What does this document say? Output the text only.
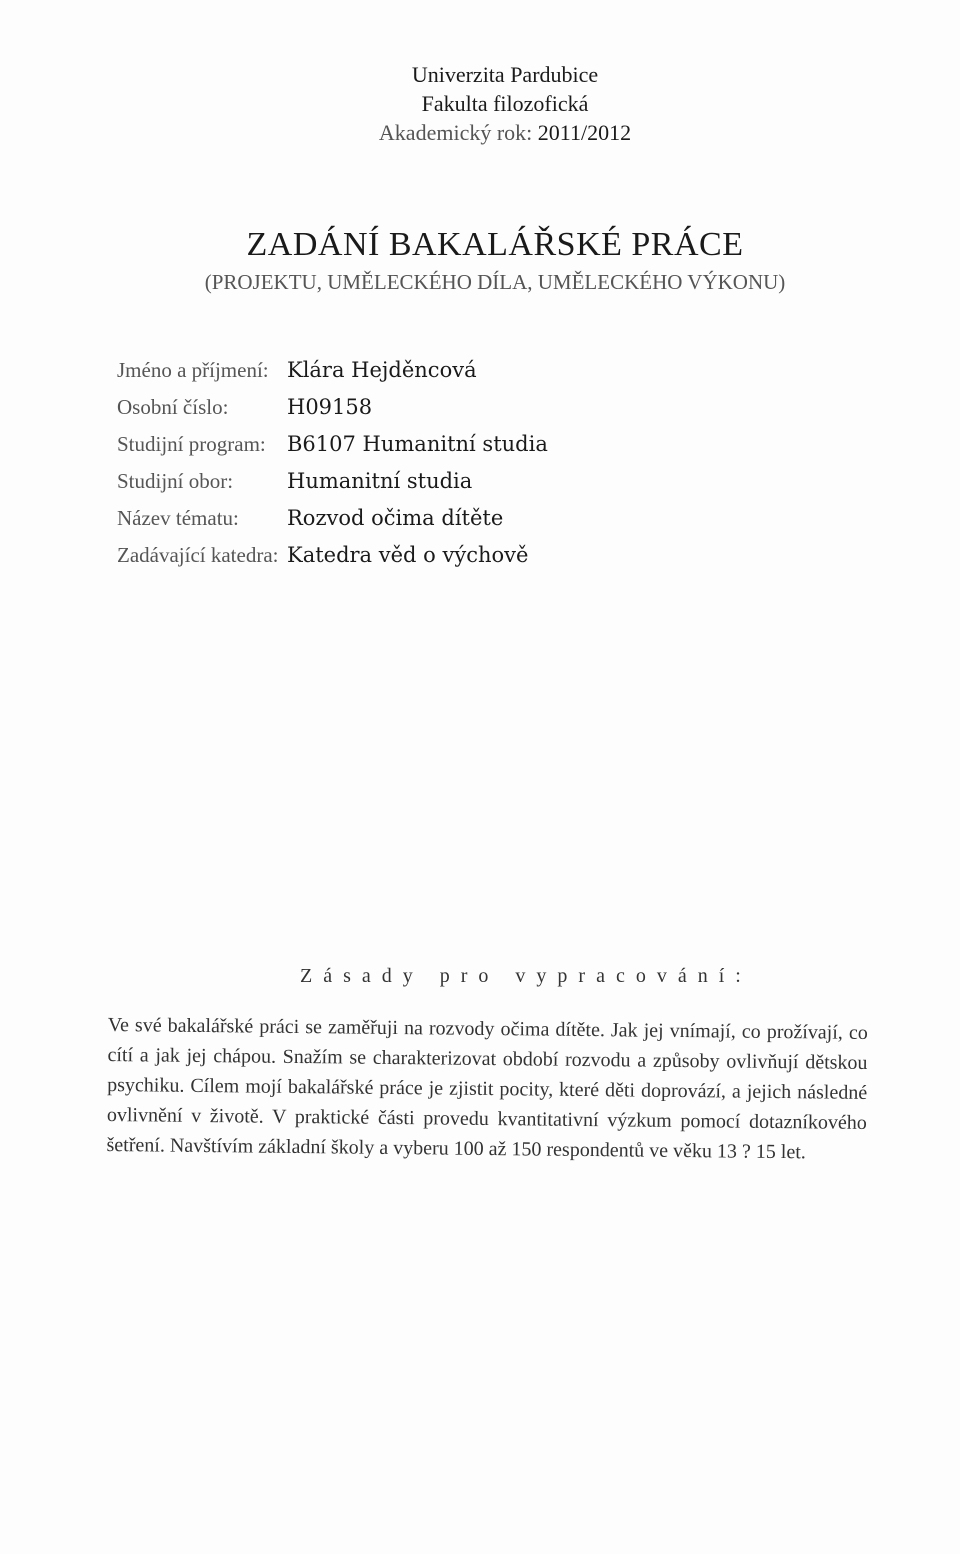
Univerzita Pardubice
Fakulta filozofická
Akademický rok: 2011/2012
ZADÁNÍ BAKALÁŘSKÉ PRÁCE
(PROJEKTU, UMĚLECKÉHO DÍLA, UMĚLECKÉHO VÝKONU)
Jméno a příjmení: Klára Hejděncová
Osobní číslo:	H09158
Studijní program:	B6107 Humanitní studia
Studijní obor:	Humanitní studia
Název tématu:	Rozvod očima dítěte
Zadávající katedra: Katedra věd o výchově
Zásady pro vypracování:
Ve své bakalářské práci se zaměřuji na rozvody očima dítěte. Jak jej vnímají, co prožívají, co cítí a jak jej chápou. Snažím se charakterizovat období rozvodu a způsoby ovlivňují dětskou psychiku. Cílem mojí bakalářské práce je zjistit pocity, které děti doprovází, a jejich následné ovlivnění v životě. V praktické části provedu kvantitativní výzkum pomocí dotazníkového šetření. Navštívím základní školy a vyberu 100 až 150 respondentů ve věku 13 ? 15 let.
